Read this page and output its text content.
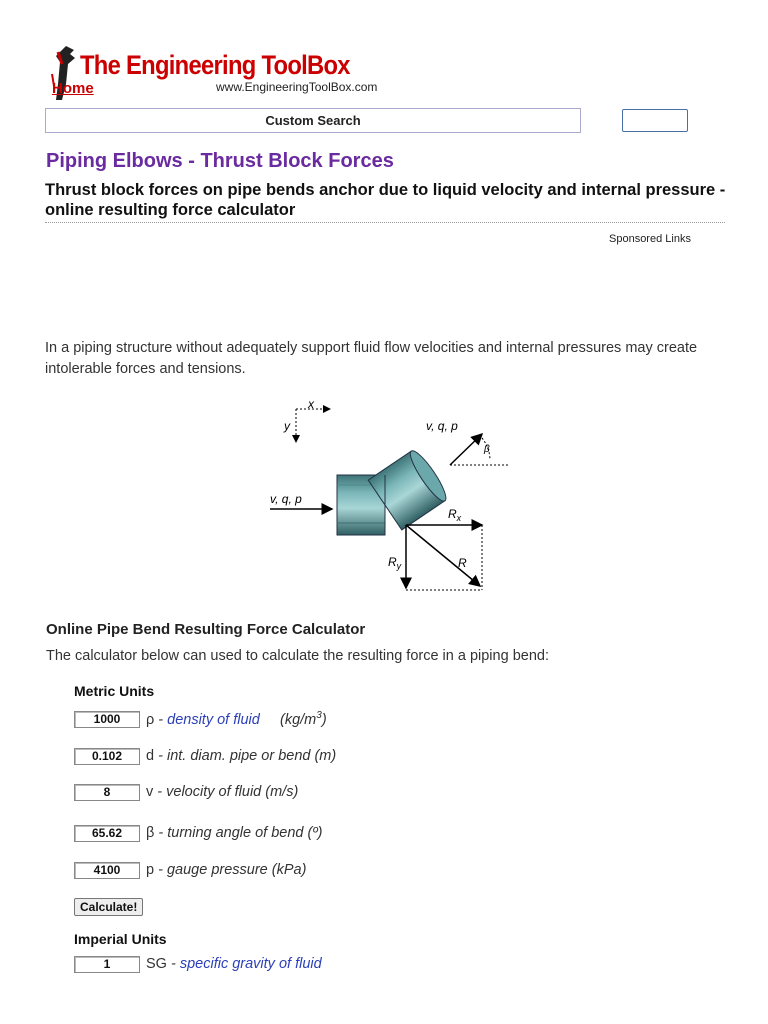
The Engineering ToolBox
Home	www.EngineeringToolBox.com
Custom Search
Piping Elbows - Thrust Block Forces
Thrust block forces on pipe bends anchor due to liquid velocity and internal pressure - online resulting force calculator
Sponsored Links
In a piping structure without adequately support fluid flow velocities and internal pressures may create intolerable forces and tensions.
x
y
v, q, p
v, q, p
β
$R_x$
$R_y$	R
Online Pipe Bend Resulting Force Calculator
The calculator below can used to calculate the resulting force in a piping bend:
Metric Units
1000	ρ - density of fluid     $(kg/m^3)$
0.102	d - int. diam. pipe or bend (m)
8	v - velocity of fluid (m/s)
65.62	β - turning angle of bend (º)
4100	p - gauge pressure (kPa)
Calculate!
Imperial Units
1	SG - specific gravity of fluid
